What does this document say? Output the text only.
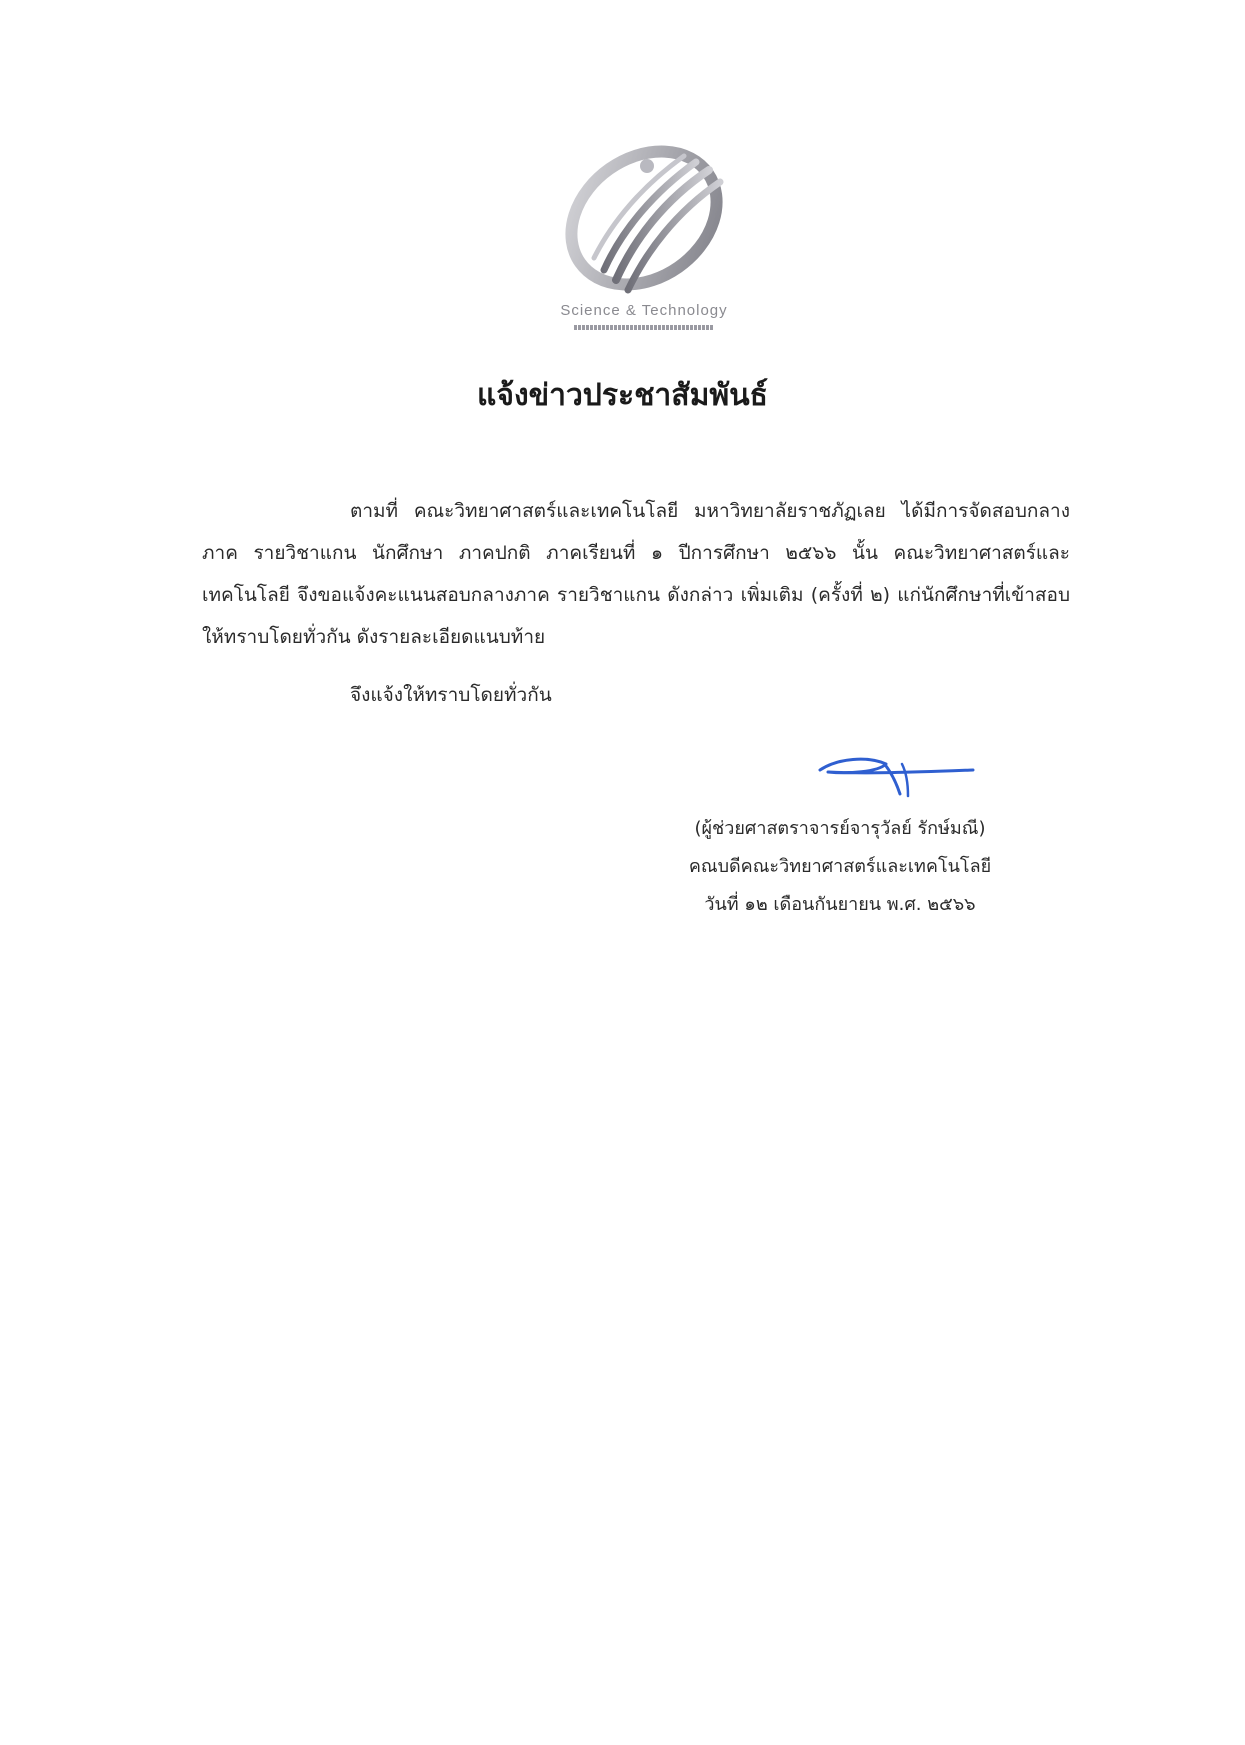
Science & Technology
แจ้งข่าวประชาสัมพันธ์
ตามที่ คณะวิทยาศาสตร์และเทคโนโลยี มหาวิทยาลัยราชภัฏเลย ได้มีการจัดสอบกลางภาค รายวิชาแกน นักศึกษา ภาคปกติ ภาคเรียนที่ ๑ ปีการศึกษา ๒๕๖๖ นั้น คณะวิทยาศาสตร์และเทคโนโลยี จึงขอแจ้งคะแนนสอบกลางภาค รายวิชาแกน ดังกล่าว เพิ่มเติม (ครั้งที่ ๒) แก่นักศึกษาที่เข้าสอบให้ทราบโดยทั่วกัน ดังรายละเอียดแนบท้าย
จึงแจ้งให้ทราบโดยทั่วกัน
(ผู้ช่วยศาสตราจารย์จารุวัลย์ รักษ์มณี)
คณบดีคณะวิทยาศาสตร์และเทคโนโลยี
วันที่ ๑๒ เดือนกันยายน พ.ศ. ๒๕๖๖
